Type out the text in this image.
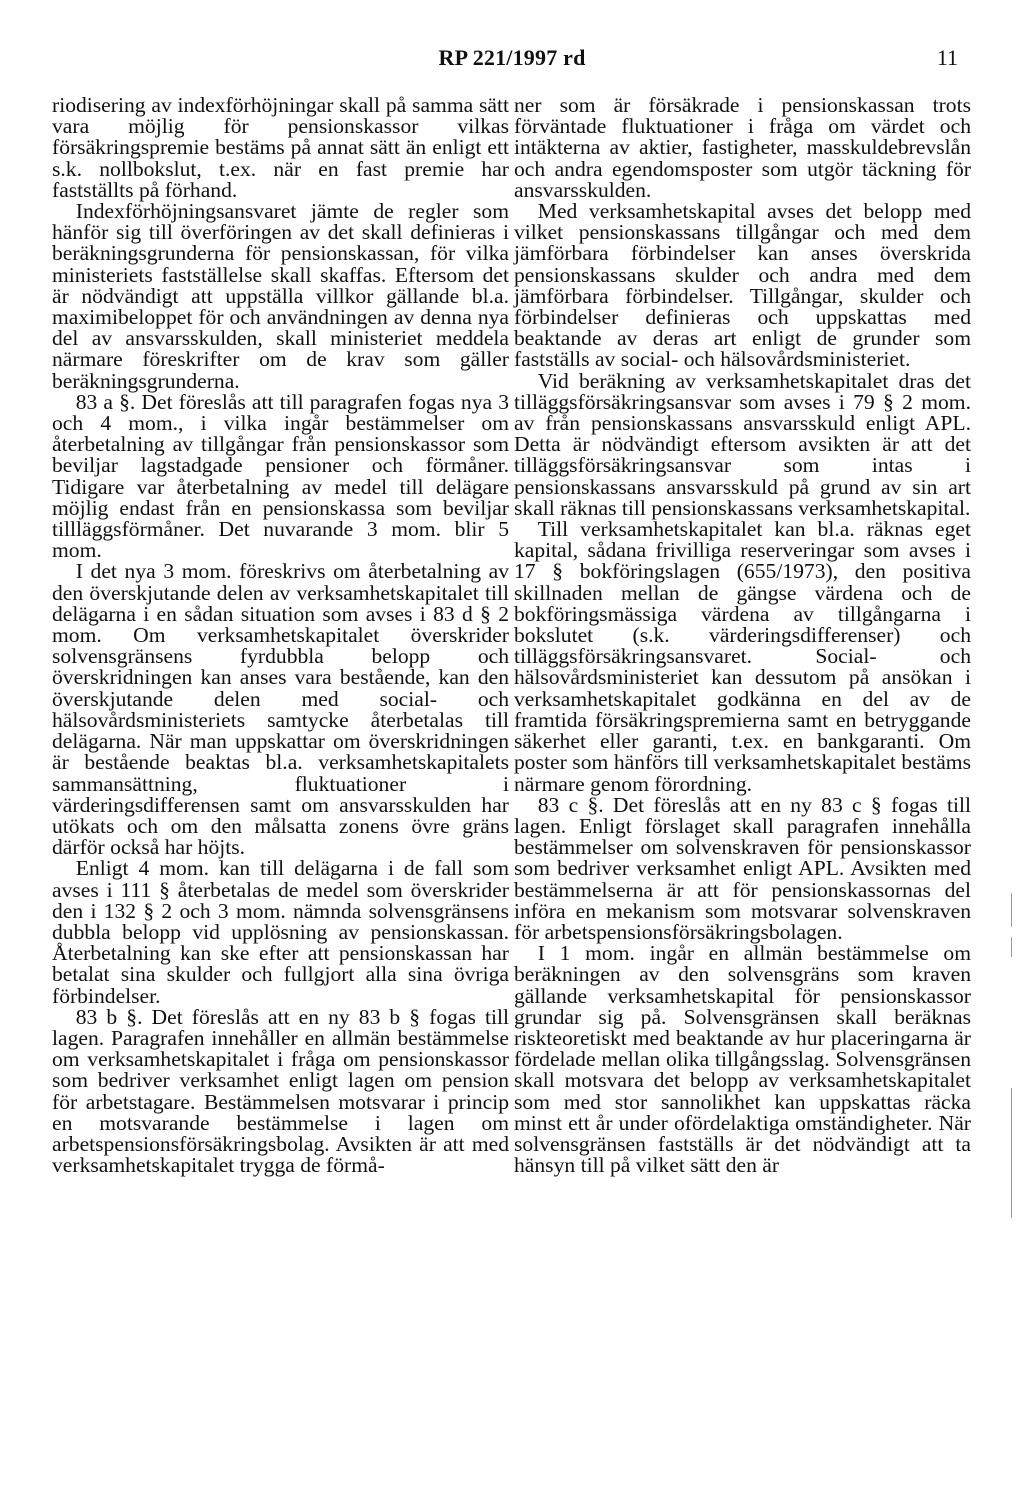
RP 221/1997 rd	11

riodisering av indexförhöjningar skall på samma sätt vara möjlig för pensionskassor vilkas försäkringspremie bestäms på annat sätt än enligt ett s.k. nollbokslut, t.ex. när en fast premie har fastställts på förhand.

Indexförhöjningsansvaret jämte de regler som hänför sig till överföringen av det skall definieras i beräkningsgrunderna för pensionskassan, för vilka ministeriets fastställelse skall skaffas. Eftersom det är nödvändigt att uppställa villkor gällande bl.a. maximibeloppet för och användningen av denna nya del av ansvarsskulden, skall ministeriet meddela närmare föreskrifter om de krav som gäller beräkningsgrunderna.

83 a §. Det föreslås att till paragrafen fogas nya 3 och 4 mom., i vilka ingår bestämmelser om återbetalning av tillgångar från pensionskassor som beviljar lagstadgade pensioner och förmåner. Tidigare var återbetalning av medel till delägare möjlig endast från en pensionskassa som beviljar tillläggsförmåner. Det nuvarande 3 mom. blir 5 mom.

I det nya 3 mom. föreskrivs om återbetalning av den överskjutande delen av verksamhetskapitalet till delägarna i en sådan situation som avses i 83 d § 2 mom. Om verksamhetskapitalet överskrider solvensgränsens fyrdubbla belopp och överskridningen kan anses vara bestående, kan den överskjutande delen med social- och hälsovårdsministeriets samtycke återbetalas till delägarna. När man uppskattar om överskridningen är bestående beaktas bl.a. verksamhetskapitalets sammansättning, fluktuationer i värderingsdifferensen samt om ansvarsskulden har utökats och om den målsatta zonens övre gräns därför också har höjts.

Enligt 4 mom. kan till delägarna i de fall som avses i 111 § återbetalas de medel som överskrider den i 132 § 2 och 3 mom. nämnda solvensgränsens dubbla belopp vid upplösning av pensionskassan. Återbetalning kan ske efter att pensionskassan har betalat sina skulder och fullgjort alla sina övriga förbindelser.

83 b §. Det föreslås att en ny 83 b § fogas till lagen. Paragrafen innehåller en allmän bestämmelse om verksamhetskapitalet i fråga om pensionskassor som bedriver verksamhet enligt lagen om pension för arbetstagare. Bestämmelsen motsvarar i princip en motsvarande bestämmelse i lagen om arbetspensionsförsäkringsbolag. Avsikten är att med verksamhetskapitalet trygga de förmå-

ner som är försäkrade i pensionskassan trots förväntade fluktuationer i fråga om värdet och intäkterna av aktier, fastigheter, masskuldebrevslån och andra egendomsposter som utgör täckning för ansvarsskulden.

Med verksamhetskapital avses det belopp med vilket pensionskassans tillgångar och med dem jämförbara förbindelser kan anses överskrida pensionskassans skulder och andra med dem jämförbara förbindelser. Tillgångar, skulder och förbindelser definieras och uppskattas med beaktande av deras art enligt de grunder som fastställs av social- och hälsovårdsministeriet.

Vid beräkning av verksamhetskapitalet dras det tilläggsförsäkringsansvar som avses i 79 § 2 mom. av från pensionskassans ansvarsskuld enligt APL. Detta är nödvändigt eftersom avsikten är att det tilläggsförsäkringsansvar som intas i pensionskassans ansvarsskuld på grund av sin art skall räknas till pensionskassans verksamhetskapital.

Till verksamhetskapitalet kan bl.a. räknas eget kapital, sådana frivilliga reserveringar som avses i 17 § bokföringslagen (655/1973), den positiva skillnaden mellan de gängse värdena och de bokföringsmässiga värdena av tillgångarna i bokslutet (s.k. värderingsdifferenser) och tilläggsförsäkringsansvaret. Social- och hälsovårdsministeriet kan dessutom på ansökan i verksamhetskapitalet godkänna en del av de framtida försäkringspremierna samt en betryggande säkerhet eller garanti, t.ex. en bankgaranti. Om poster som hänförs till verksamhetskapitalet bestäms närmare genom förordning.

83 c §. Det föreslås att en ny 83 c § fogas till lagen. Enligt förslaget skall paragrafen innehålla bestämmelser om solvenskraven för pensionskassor som bedriver verksamhet enligt APL. Avsikten med bestämmelserna är att för pensionskassornas del införa en mekanism som motsvarar solvenskraven för arbetspensionsförsäkringsbolagen.

I 1 mom. ingår en allmän bestämmelse om beräkningen av den solvensgräns som kraven gällande verksamhetskapital för pensionskassor grundar sig på. Solvensgränsen skall beräknas riskteoretiskt med beaktande av hur placeringarna är fördelade mellan olika tillgångsslag. Solvensgränsen skall motsvara det belopp av verksamhetskapitalet som med stor sannolikhet kan uppskattas räcka minst ett år under ofördelaktiga omständigheter. När solvensgränsen fastställs är det nödvändigt att ta hänsyn till på vilket sätt den är
